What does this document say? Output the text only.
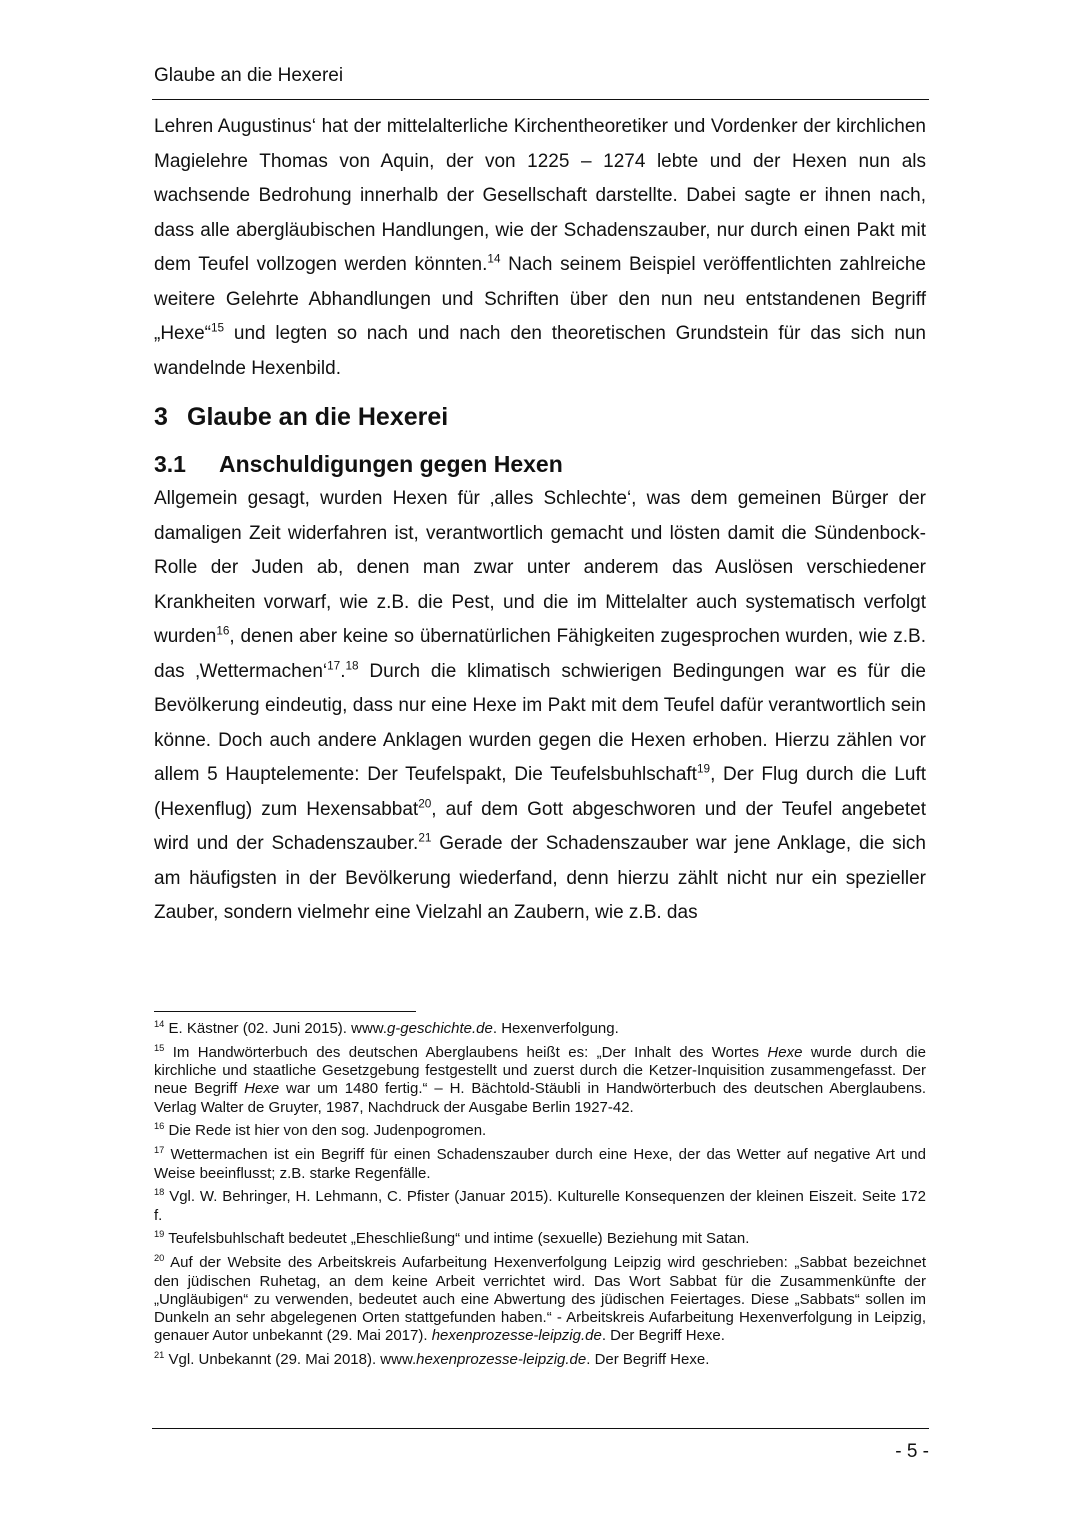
Glaube an die Hexerei

Lehren Augustinus‘ hat der mittelalterliche Kirchentheoretiker und Vordenker der kirchlichen Magielehre Thomas von Aquin, der von 1225 – 1274 lebte und der Hexen nun als wachsende Bedrohung innerhalb der Gesellschaft darstellte. Dabei sagte er ihnen nach, dass alle abergläubischen Handlungen, wie der Schadenszauber, nur durch einen Pakt mit dem Teufel vollzogen werden könnten.$^{14}$ Nach seinem Beispiel veröffentlichten zahlreiche weitere Gelehrte Abhandlungen und Schriften über den nun neu entstandenen Begriff „Hexe“$^{15}$ und legten so nach und nach den theoretischen Grundstein für das sich nun wandelnde Hexenbild.

3 Glaube an die Hexerei
3.1 Anschuldigungen gegen Hexen

Allgemein gesagt, wurden Hexen für ‚alles Schlechte‘, was dem gemeinen Bürger der damaligen Zeit widerfahren ist, verantwortlich gemacht und lösten damit die Sündenbock-Rolle der Juden ab, denen man zwar unter anderem das Auslösen verschiedener Krankheiten vorwarf, wie z.B. die Pest, und die im Mittelalter auch systematisch verfolgt wurden$^{16}$, denen aber keine so übernatürlichen Fähigkeiten zugesprochen wurden, wie z.B. das ‚Wettermachen‘$^{17}$.$^{18}$ Durch die klimatisch schwierigen Bedingungen war es für die Bevölkerung eindeutig, dass nur eine Hexe im Pakt mit dem Teufel dafür verantwortlich sein könne. Doch auch andere Anklagen wurden gegen die Hexen erhoben. Hierzu zählen vor allem 5 Hauptelemente: Der Teufelspakt, Die Teufelsbuhlschaft$^{19}$, Der Flug durch die Luft (Hexenflug) zum Hexensabbat$^{20}$, auf dem Gott abgeschworen und der Teufel angebetet wird und der Schadenszauber.$^{21}$ Gerade der Schadenszauber war jene Anklage, die sich am häufigsten in der Bevölkerung wiederfand, denn hierzu zählt nicht nur ein spezieller Zauber, sondern vielmehr eine Vielzahl an Zaubern, wie z.B. das

$^{14}$ E. Kästner (02. Juni 2015). www.g-geschichte.de. Hexenverfolgung.

$^{15}$ Im Handwörterbuch des deutschen Aberglaubens heißt es: „Der Inhalt des Wortes Hexe wurde durch die kirchliche und staatliche Gesetzgebung festgestellt und zuerst durch die Ketzer-Inquisition zusammengefasst. Der neue Begriff Hexe war um 1480 fertig.“ – H. Bächtold-Stäubli in Handwörterbuch des deutschen Aberglaubens. Verlag Walter de Gruyter, 1987, Nachdruck der Ausgabe Berlin 1927-42.

$^{16}$ Die Rede ist hier von den sog. Judenpogromen.

$^{17}$ Wettermachen ist ein Begriff für einen Schadenszauber durch eine Hexe, der das Wetter auf negative Art und Weise beeinflusst; z.B. starke Regenfälle.

$^{18}$ Vgl. W. Behringer, H. Lehmann, C. Pfister (Januar 2015). Kulturelle Konsequenzen der kleinen Eiszeit. Seite 172 f.

$^{19}$ Teufelsbuhlschaft bedeutet „Eheschließung“ und intime (sexuelle) Beziehung mit Satan.

$^{20}$ Auf der Website des Arbeitskreis Aufarbeitung Hexenverfolgung Leipzig wird geschrieben: „Sabbat bezeichnet den jüdischen Ruhetag, an dem keine Arbeit verrichtet wird. Das Wort Sabbat für die Zusammenkünfte der „Ungläubigen“ zu verwenden, bedeutet auch eine Abwertung des jüdischen Feiertages. Diese „Sabbats“ sollen im Dunkeln an sehr abgelegenen Orten stattgefunden haben.“ - Arbeitskreis Aufarbeitung Hexenverfolgung in Leipzig, genauer Autor unbekannt (29. Mai 2017). hexenprozesse-leipzig.de. Der Begriff Hexe.

$^{21}$ Vgl. Unbekannt (29. Mai 2018). www.hexenprozesse-leipzig.de. Der Begriff Hexe.

- 5 -
